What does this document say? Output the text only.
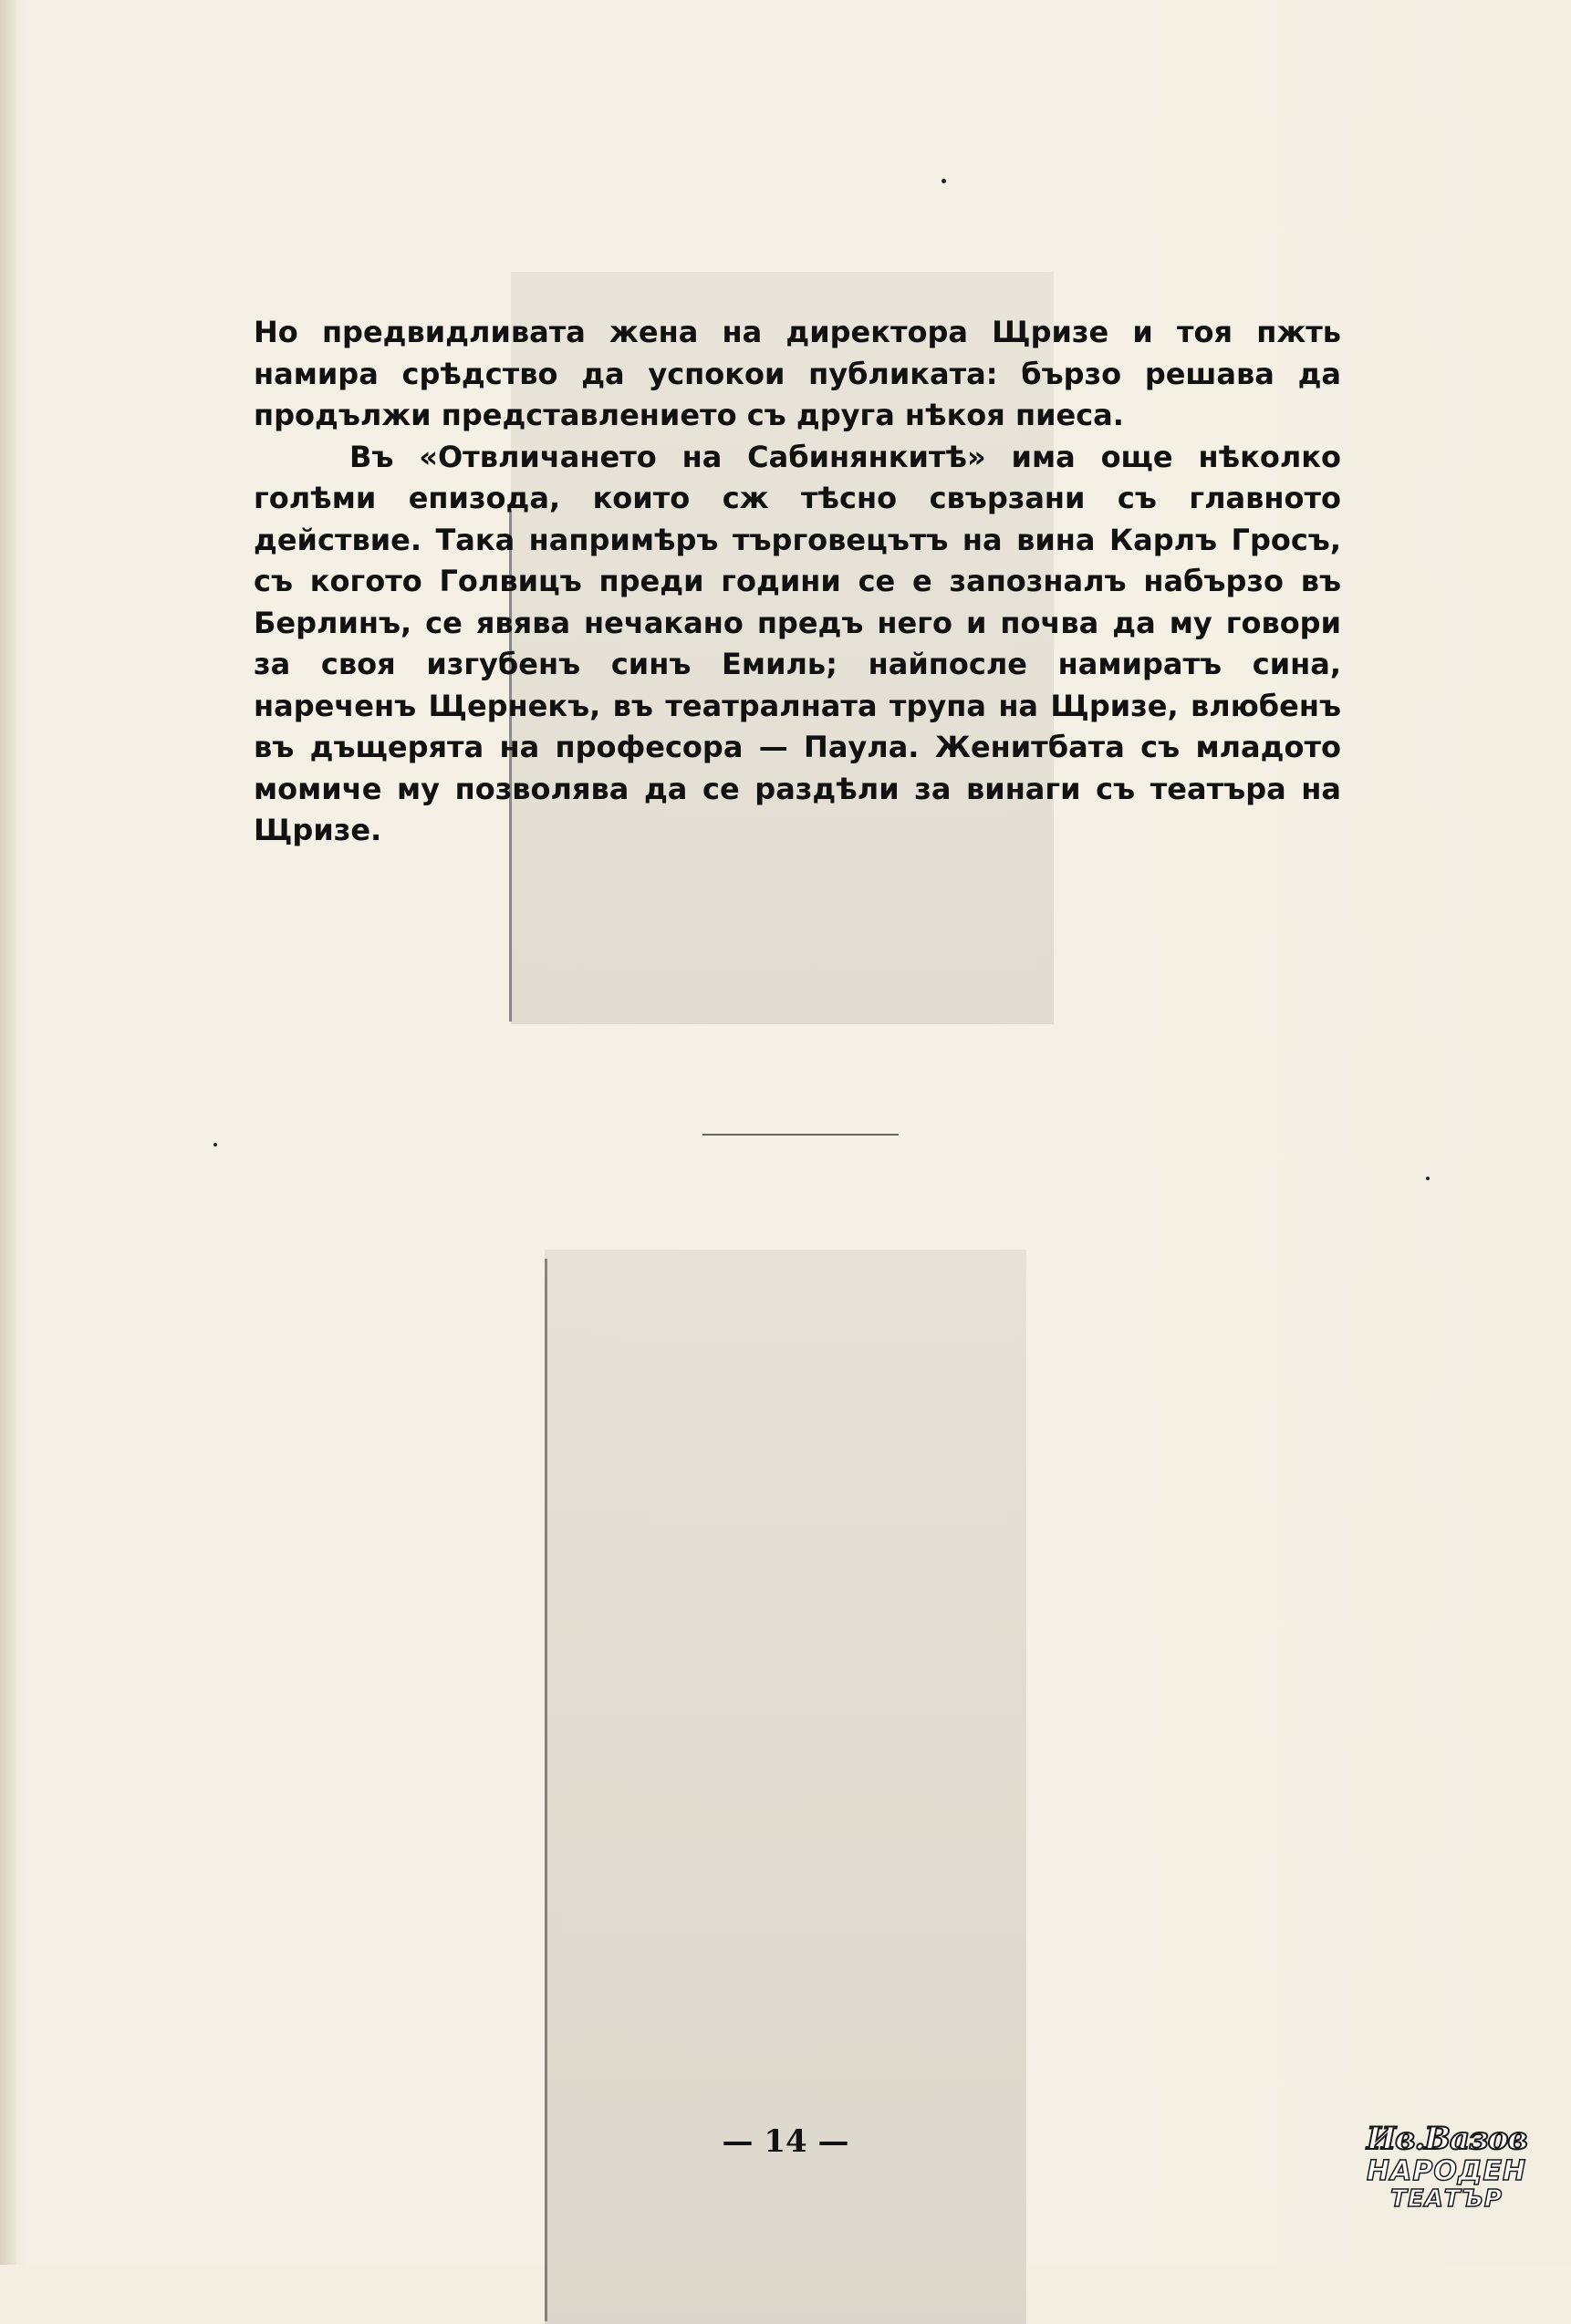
Но предвидливата жена на директора Щризе и тоя пжть намира срѣдство да успокои публиката: бързо решава да продължи представлението съ друга нѣкоя пиеса.

Въ «Отвличането на Сабинянкитѣ» има още нѣколко голѣми епизода, които сж тѣсно свързани съ главното действие. Така напримѣръ търговецътъ на вина Карлъ Гросъ, съ когото Голвицъ преди години се е запозналъ набързо въ Берлинъ, се явява нечакано предъ него и почва да му говори за своя изгубенъ синъ Емиль; найпосле намиратъ сина, нареченъ Щернекъ, въ театралната трупа на Щризе, влюбенъ въ дъщерята на професора — Паула. Женитбата съ младото момиче му позволява да се раздѣли за винаги съ театъра на Щризе.

— 14 —	Ив.Вазов
НАРОДЕН
ТЕАТЪР
